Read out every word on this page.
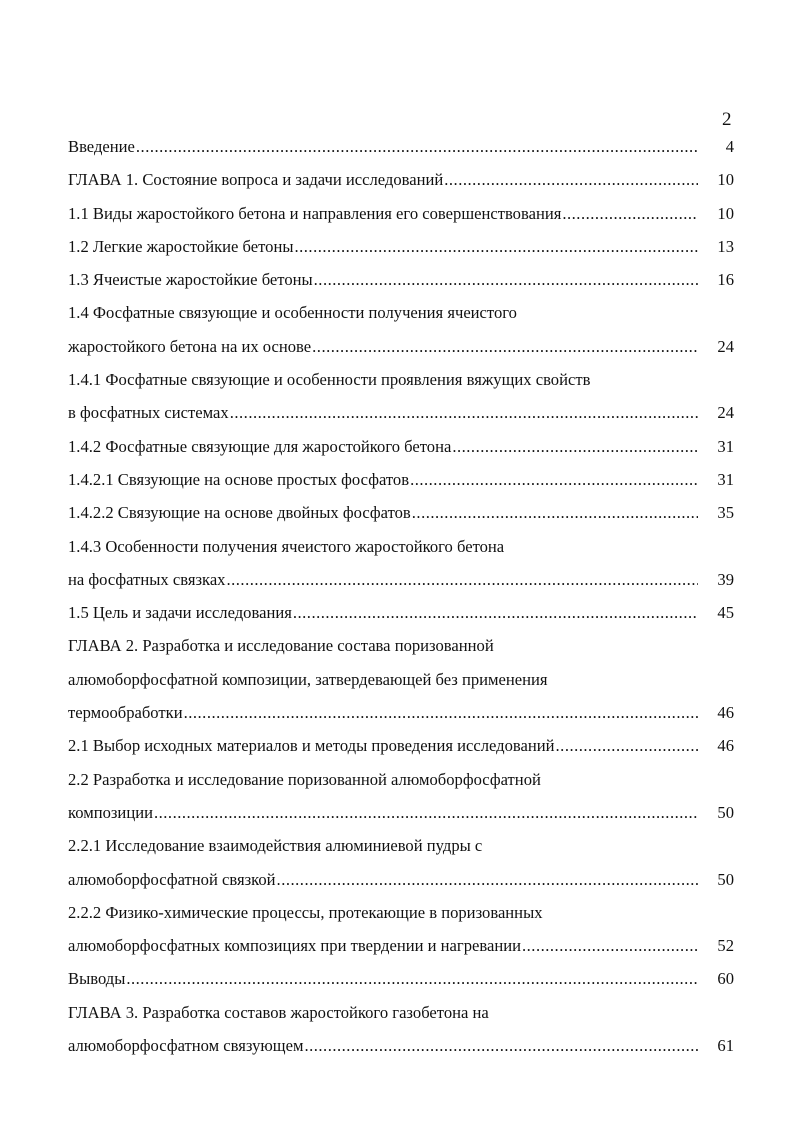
2
Введение .....	4
ГЛАВА 1. Состояние вопроса и задачи исследований .....	10
1.1 Виды жаростойкого бетона и направления его совершенствования .....	10
1.2 Легкие жаростойкие бетоны .....	13
1.3 Ячеистые жаростойкие бетоны .....	16
1.4 Фосфатные связующие и особенности получения ячеистого
жаростойкого бетона на их основе .....	24
1.4.1 Фосфатные связующие и особенности проявления вяжущих свойств
в фосфатных системах .....	24
1.4.2 Фосфатные связующие для жаростойкого бетона .....	31
1.4.2.1 Связующие на основе простых фосфатов .....	31
1.4.2.2 Связующие на основе двойных фосфатов .....	35
1.4.3 Особенности получения ячеистого жаростойкого бетона
на фосфатных связках .....	39
1.5 Цель и задачи исследования .....	45
ГЛАВА 2. Разработка и исследование состава поризованной
алюмоборфосфатной композиции, затвердевающей без применения
термообработки .....	46
2.1 Выбор исходных материалов и методы проведения исследований .....	46
2.2 Разработка и исследование поризованной алюмоборфосфатной
композиции .....	50
2.2.1 Исследование взаимодействия алюминиевой пудры с
алюмоборфосфатной связкой .....	50
2.2.2 Физико-химические процессы, протекающие в поризованных
алюмоборфосфатных композициях при твердении и нагревании .....	52
Выводы .....	60
ГЛАВА 3. Разработка составов жаростойкого газобетона на
алюмоборфосфатном связующем .....	61
